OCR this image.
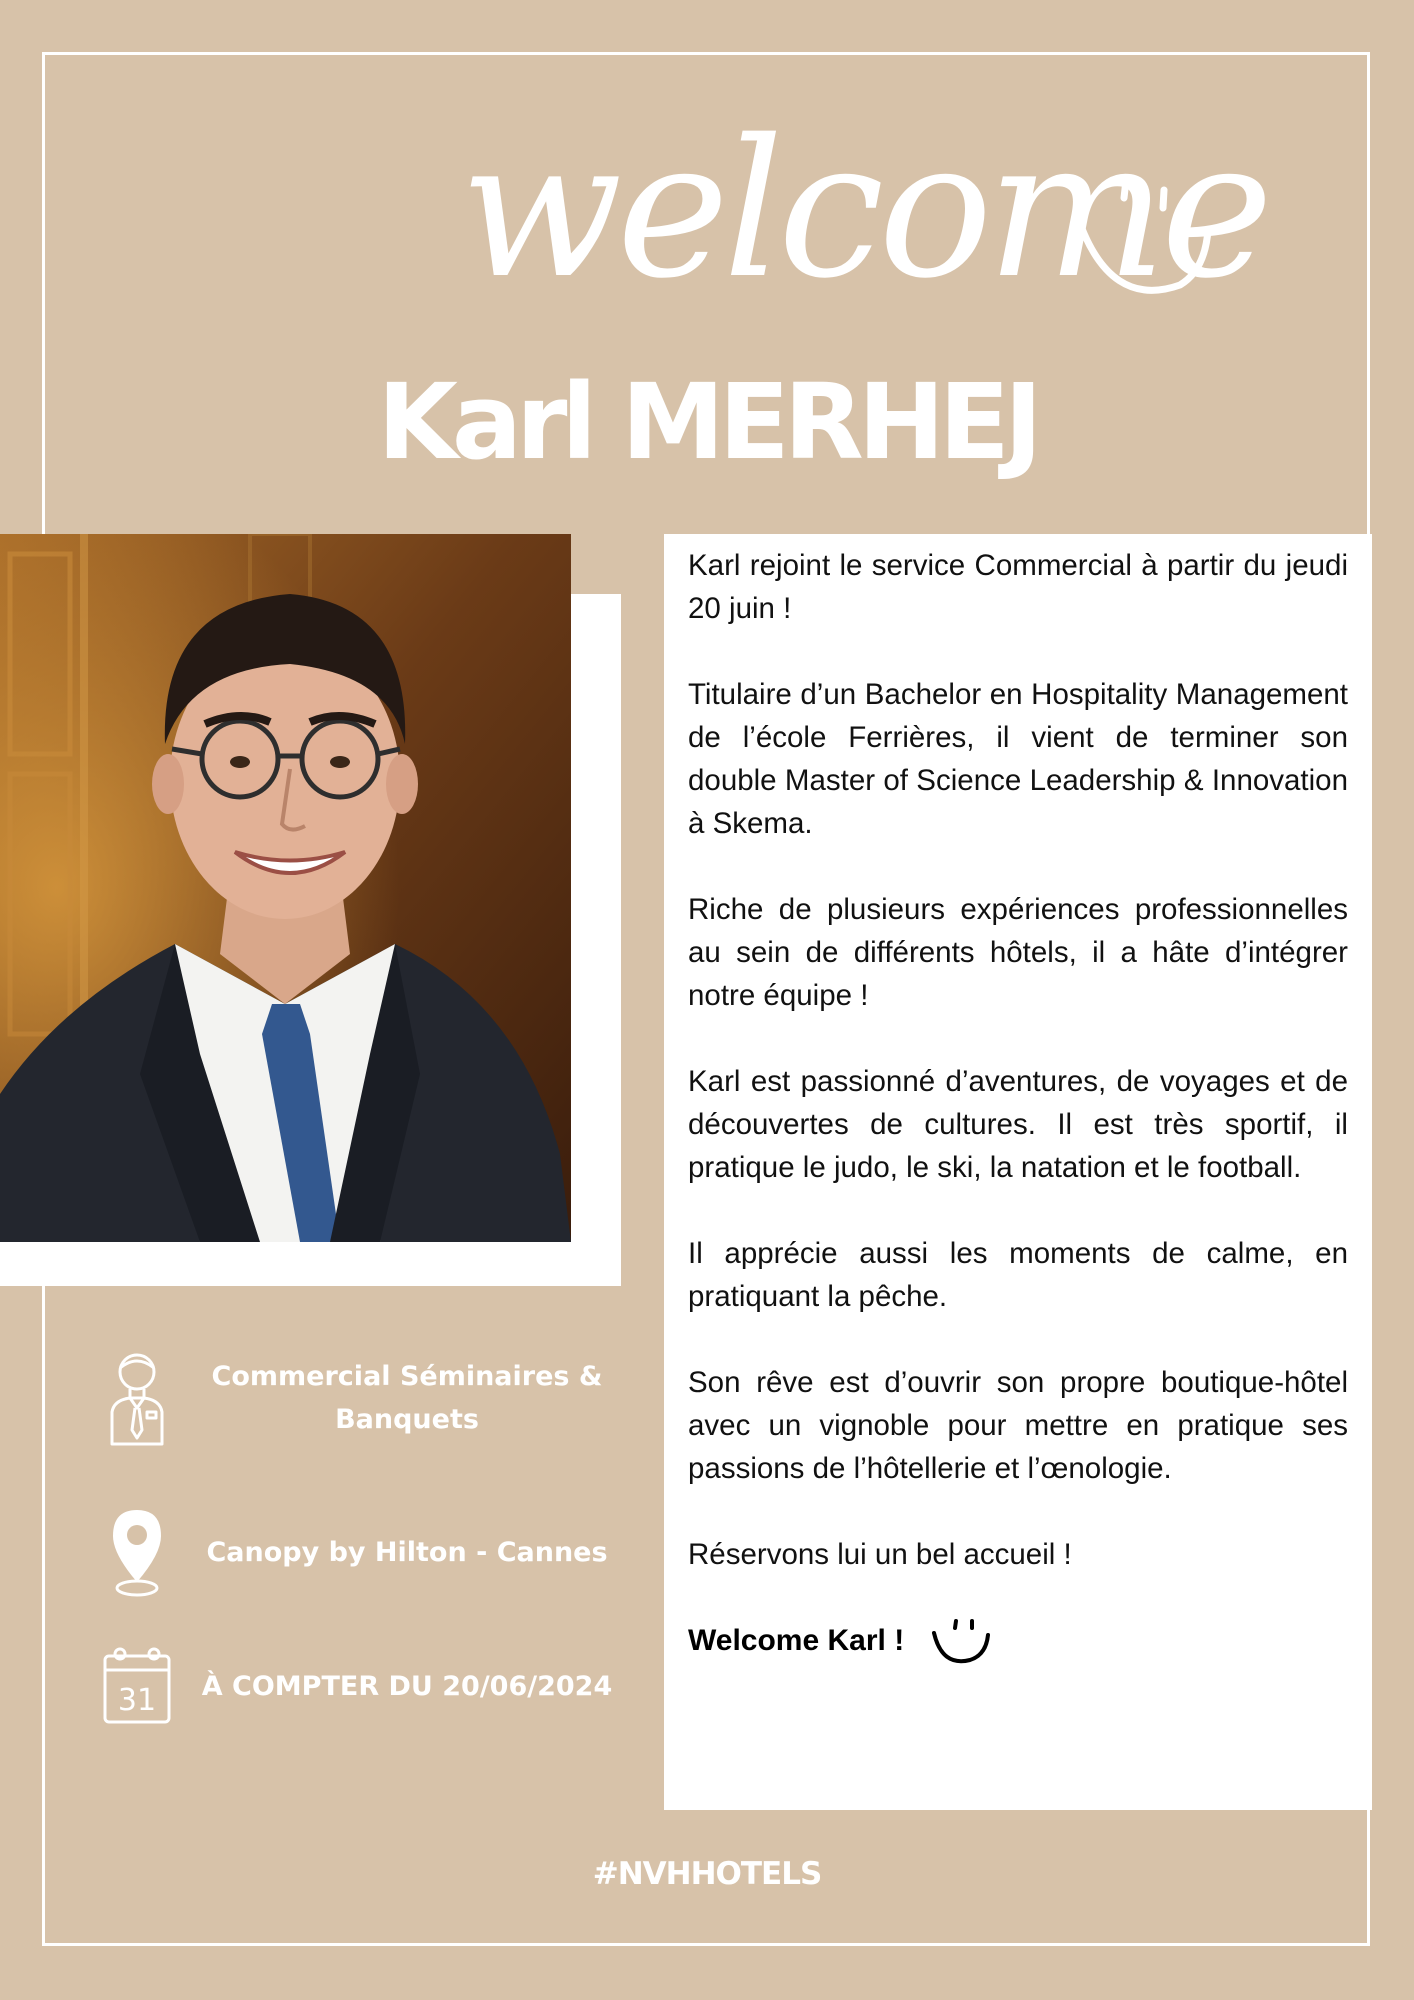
welcome
Karl MERHEJ

Karl rejoint le service Commercial à partir du jeudi 20 juin !

Titulaire d’un Bachelor en Hospitality Management de l’école Ferrières, il vient de terminer son double Master of Science Leadership & Innovation à Skema.

Riche de plusieurs expériences professionnelles au sein de différents hôtels, il a hâte d’intégrer notre équipe !

Karl est passionné d’aventures, de voyages et de découvertes de cultures. Il est très sportif, il pratique le judo, le ski, la natation et le football.

Il apprécie aussi les moments de calme, en pratiquant la pêche.

Son rêve est d’ouvrir son propre boutique-hôtel avec un vignoble pour mettre en pratique ses passions de l’hôtellerie et l’œnologie.

Réservons lui un bel accueil !

Welcome Karl !
Commercial Séminaires & Banquets
Canopy by Hilton - Cannes
31	À COMPTER DU 20/06/2024
#NVHHOTELS
